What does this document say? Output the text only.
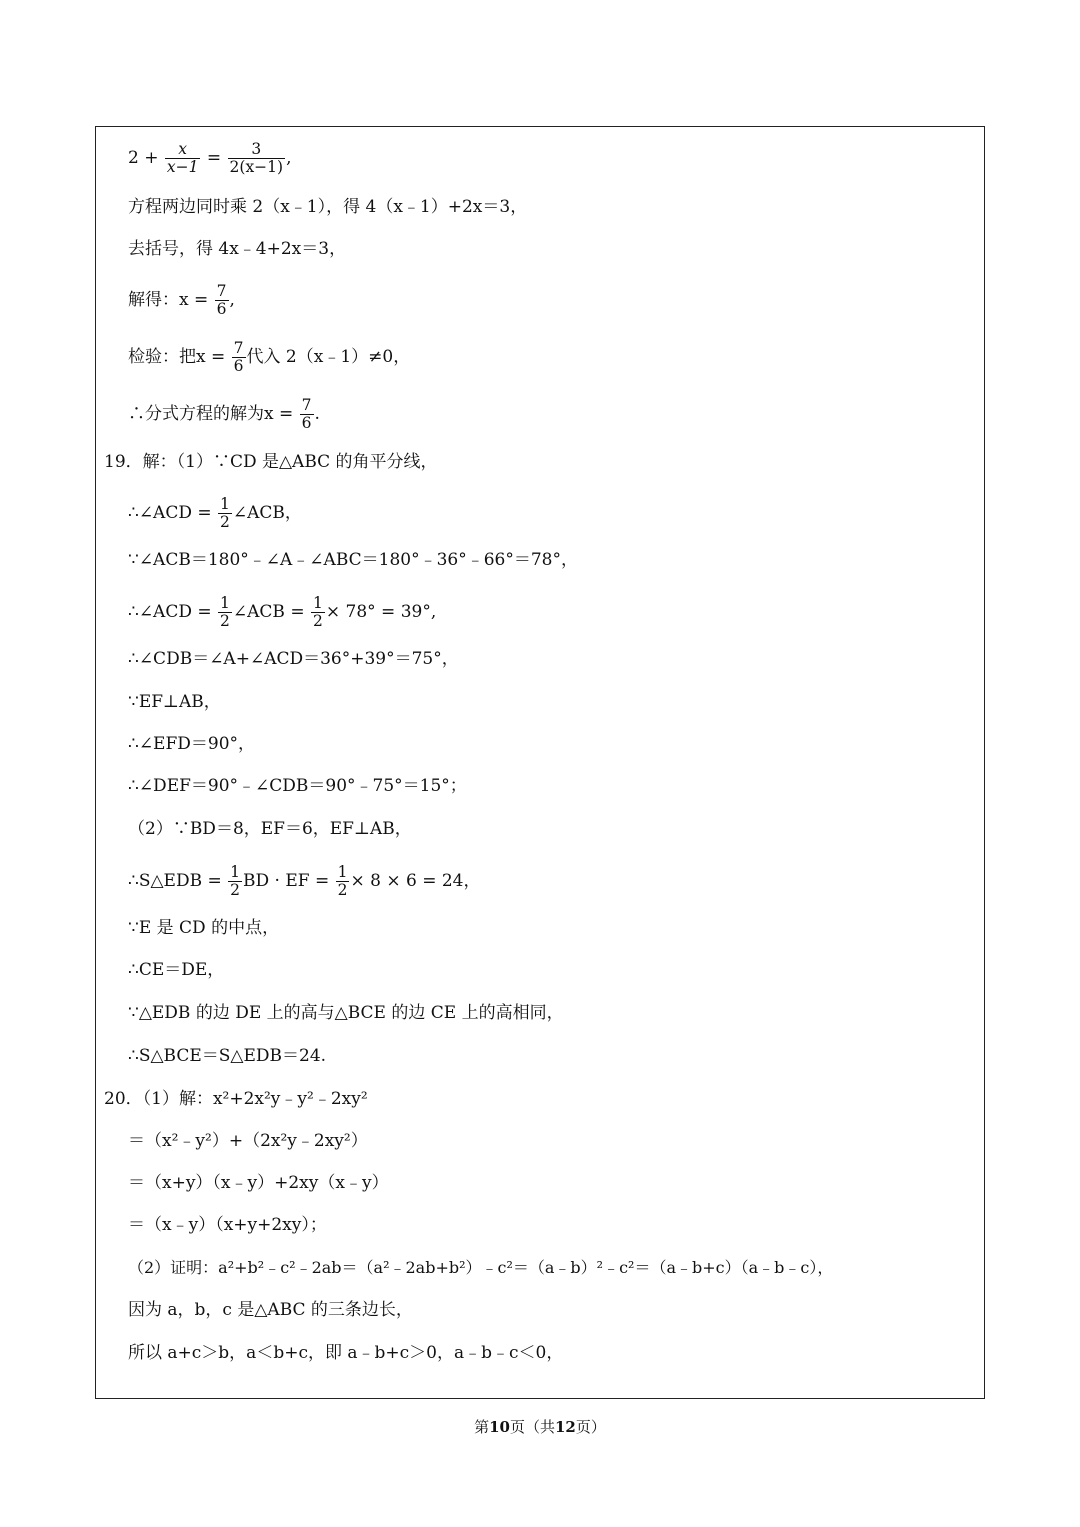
$2 + \frac{x}{x-1} = \frac{3}{2(x-1)}$ ,
方程两边同时乘 2（x﹣1），得 4（x﹣1）+2x＝3，
去括号，得 4x﹣4+2x＝3，
解得：$x = \frac{7}{6}$ ,
检验：把$x = \frac{7}{6}$ 代入 2（x﹣1）≠0，
∴分式方程的解为$x = \frac{7}{6}$ .
19．解：（1）∵CD 是△ABC 的角平分线，
∴∠ACD = $\frac{1}{2}$ ∠ACB，
∵∠ACB＝180°﹣∠A﹣∠ABC＝180°﹣36°﹣66°＝78°，
∴∠ACD = $\frac{1}{2}$ ∠ACB = $\frac{1}{2} \times 78^\circ = 39^\circ$,
∴∠CDB＝∠A+∠ACD＝36°+39°＝75°，
∵EF⊥AB，
∴∠EFD＝90°，
∴∠DEF＝90°﹣∠CDB＝90°﹣75°＝15°；
（2）∵BD＝8，EF＝6，EF⊥AB，
∴S△EDB = $\frac{1}{2}$ BD · EF = $\frac{1}{2} \times 8 \times 6 = 24$，
∵E 是 CD 的中点，
∴CE＝DE，
∵△EDB 的边 DE 上的高与△BCE 的边 CE 上的高相同，
∴S△BCE＝S△EDB＝24.
20．（1）解：x²+2x²y﹣y²﹣2xy²
＝（x²﹣y²）+（2x²y﹣2xy²）
＝（x+y）（x﹣y）+2xy（x﹣y）
＝（x﹣y）（x+y+2xy）；
（2）证明：a²+b²﹣c²﹣2ab＝（a²﹣2ab+b²）﹣c²＝（a﹣b）²﹣c²＝（a﹣b+c）（a﹣b﹣c），
因为 a，b，c 是△ABC 的三条边长，
所以 a+c＞b，a＜b+c，即 a﹣b+c＞0，a﹣b﹣c＜0，
第10页（共12页）
